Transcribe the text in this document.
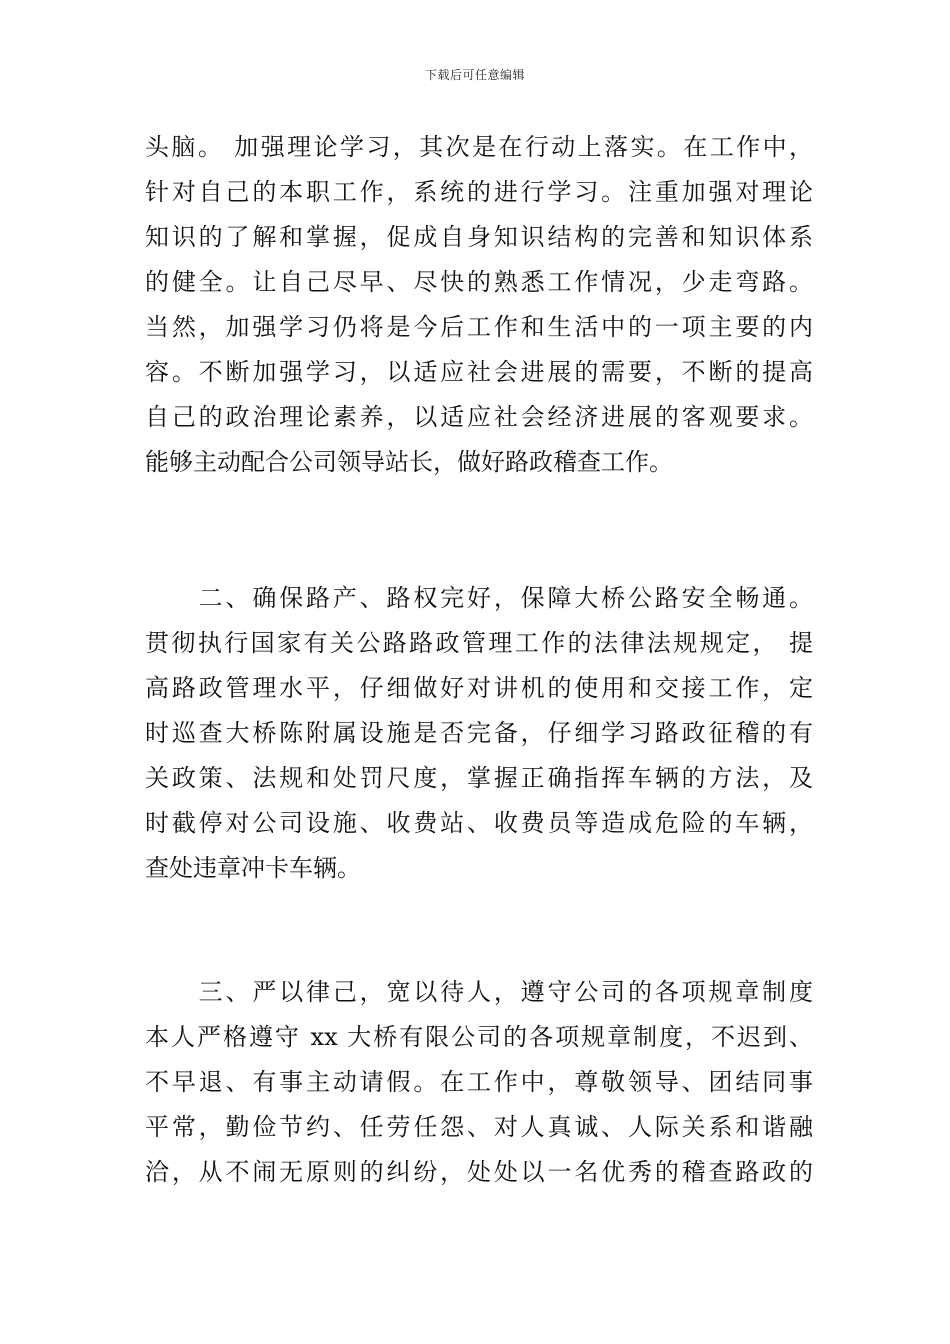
下载后可任意编辑
头脑。 加强理论学习，其次是在行动上落实。在工作中，
针对自己的本职工作，系统的进行学习。注重加强对理论
知识的了解和掌握，促成自身知识结构的完善和知识体系
的健全。让自己尽早、尽快的熟悉工作情况，少走弯路。
当然，加强学习仍将是今后工作和生活中的一项主要的内
容。不断加强学习，以适应社会进展的需要，不断的提高
自己的政治理论素养，以适应社会经济进展的客观要求。
能够主动配合公司领导站长，做好路政稽查工作。
　　二、确保路产、路权完好，保障大桥公路安全畅通。
贯彻执行国家有关公路路政管理工作的法律法规规定， 提
高路政管理水平，仔细做好对讲机的使用和交接工作，定
时巡查大桥陈附属设施是否完备，仔细学习路政征稽的有
关政策、法规和处罚尺度，掌握正确指挥车辆的方法，及
时截停对公司设施、收费站、收费员等造成危险的车辆，
查处违章冲卡车辆。
　　三、严以律己，宽以待人，遵守公司的各项规章制度
本人严格遵守 xx 大桥有限公司的各项规章制度，不迟到、
不早退、有事主动请假。在工作中，尊敬领导、团结同事
平常，勤俭节约、任劳任怨、对人真诚、人际关系和谐融
洽，从不闹无原则的纠纷，处处以一名优秀的稽查路政的
